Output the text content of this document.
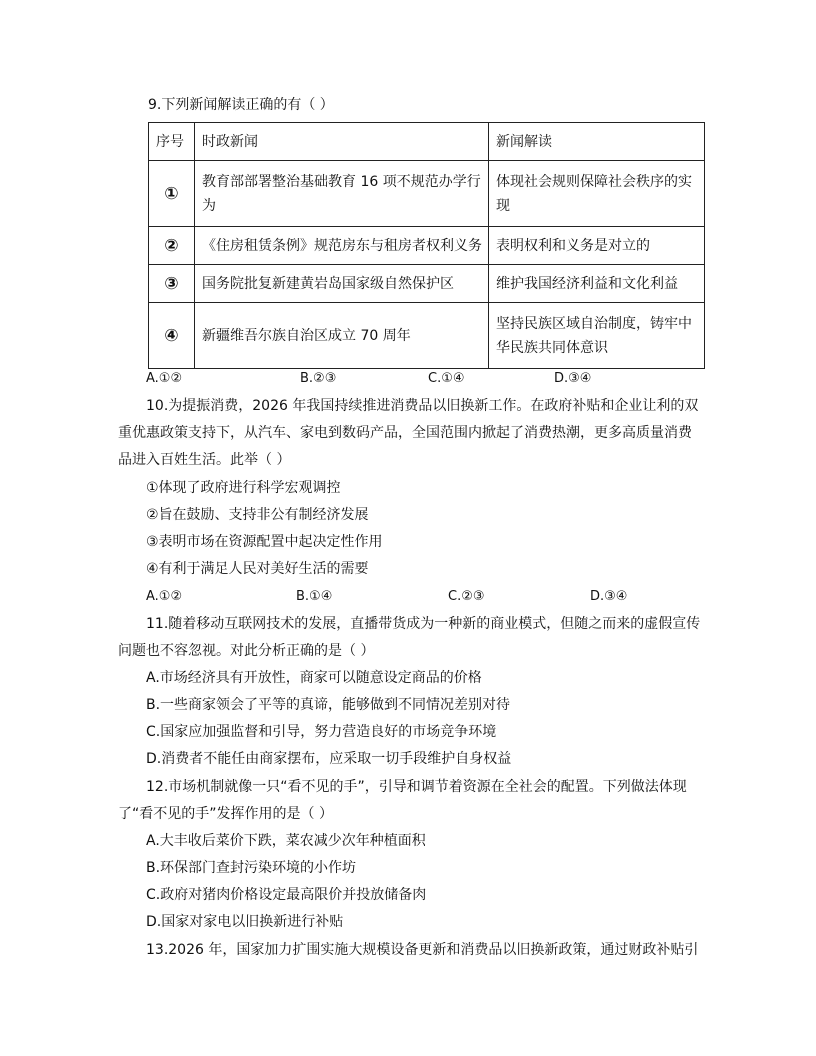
9.下列新闻解读正确的有（ ）
序号	时政新闻	新闻解读
①	教育部部署整治基础教育 16 项不规范办学行为	体现社会规则保障社会秩序的实现
②	《住房租赁条例》规范房东与租房者权利义务	表明权利和义务是对立的
③	国务院批复新建黄岩岛国家级自然保护区	维护我国经济利益和文化利益
④	新疆维吾尔族自治区成立 70 周年	坚持民族区域自治制度，铸牢中华民族共同体意识
A.①②	B.②③	C.①④	D.③④
10.为提振消费，2026 年我国持续推进消费品以旧换新工作。在政府补贴和企业让利的双
重优惠政策支持下，从汽车、家电到数码产品，全国范围内掀起了消费热潮，更多高质量消费
品进入百姓生活。此举（ ）
①体现了政府进行科学宏观调控
②旨在鼓励、支持非公有制经济发展
③表明市场在资源配置中起决定性作用
④有利于满足人民对美好生活的需要
A.①②	B.①④	C.②③	D.③④
11.随着移动互联网技术的发展，直播带货成为一种新的商业模式，但随之而来的虚假宣传
问题也不容忽视。对此分析正确的是（ ）
A.市场经济具有开放性，商家可以随意设定商品的价格
B.一些商家领会了平等的真谛，能够做到不同情况差别对待
C.国家应加强监督和引导，努力营造良好的市场竞争环境
D.消费者不能任由商家摆布，应采取一切手段维护自身权益
12.市场机制就像一只“看不见的手”，引导和调节着资源在全社会的配置。下列做法体现
了“看不见的手”发挥作用的是（ ）
A.大丰收后菜价下跌，菜农减少次年种植面积
B.环保部门查封污染环境的小作坊
C.政府对猪肉价格设定最高限价并投放储备肉
D.国家对家电以旧换新进行补贴
13.2026 年，国家加力扩围实施大规模设备更新和消费品以旧换新政策，通过财政补贴引
